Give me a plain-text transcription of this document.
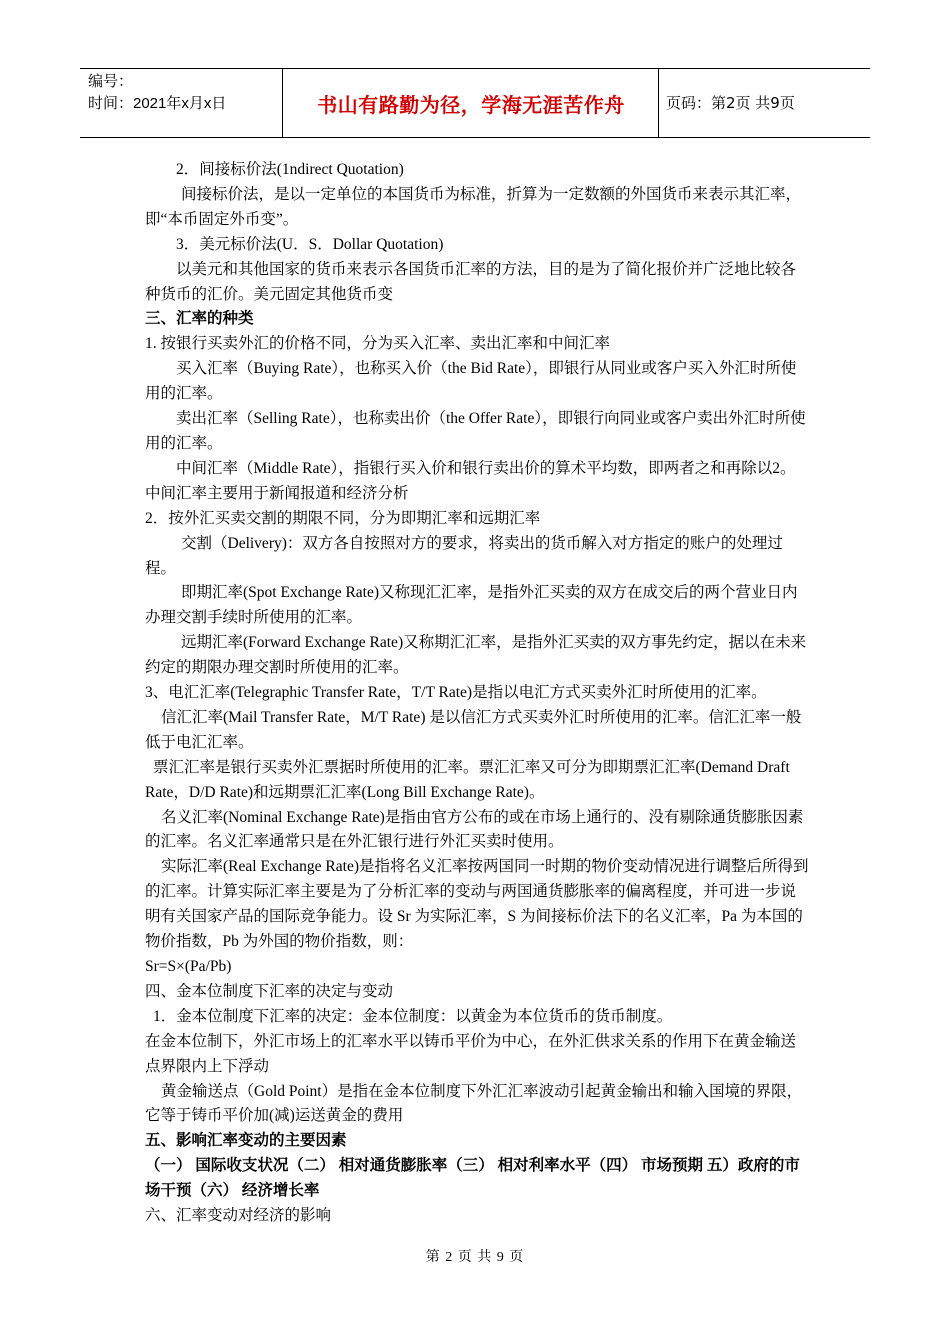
编号：
时间：2021年x月x日	书山有路勤为径，学海无涯苦作舟	页码：第2页 共9页

2．间接标价法(1ndirect Quotation)

间接标价法，是以一定单位的本国货币为标准，折算为一定数额的外国货币来表示其汇率，即“本币固定外币变”。

3．美元标价法(U．S．Dollar Quotation)

以美元和其他国家的货币来表示各国货币汇率的方法，目的是为了简化报价并广泛地比较各种货币的汇价。美元固定其他货币变

三、汇率的种类

1. 按银行买卖外汇的价格不同，分为买入汇率、卖出汇率和中间汇率

买入汇率（Buying Rate），也称买入价（the Bid Rate），即银行从同业或客户买入外汇时所使用的汇率。

卖出汇率（Selling Rate），也称卖出价（the Offer Rate），即银行向同业或客户卖出外汇时所使用的汇率。

中间汇率（Middle Rate），指银行买入价和银行卖出价的算术平均数，即两者之和再除以2。中间汇率主要用于新闻报道和经济分析

2．按外汇买卖交割的期限不同，分为即期汇率和远期汇率

交割（Delivery)：双方各自按照对方的要求，将卖出的货币解入对方指定的账户的处理过程。

即期汇率(Spot Exchange Rate)又称现汇汇率，是指外汇买卖的双方在成交后的两个营业日内办理交割手续时所使用的汇率。

远期汇率(Forward Exchange Rate)又称期汇汇率，是指外汇买卖的双方事先约定，据以在未来约定的期限办理交割时所使用的汇率。

3、电汇汇率(Telegraphic Transfer Rate，T/T Rate)是指以电汇方式买卖外汇时所使用的汇率。

信汇汇率(Mail Transfer Rate，M/T Rate) 是以信汇方式买卖外汇时所使用的汇率。信汇汇率一般低于电汇汇率。

票汇汇率是银行买卖外汇票据时所使用的汇率。票汇汇率又可分为即期票汇汇率(Demand Draft Rate，D/D Rate)和远期票汇汇率(Long Bill Exchange Rate)。

名义汇率(Nominal Exchange Rate)是指由官方公布的或在市场上通行的、没有剔除通货膨胀因素的汇率。名义汇率通常只是在外汇银行进行外汇买卖时使用。

实际汇率(Real Exchange Rate)是指将名义汇率按两国同一时期的物价变动情况进行调整后所得到的汇率。计算实际汇率主要是为了分析汇率的变动与两国通货膨胀率的偏离程度，并可进一步说明有关国家产品的国际竞争能力。设 Sr 为实际汇率，S 为间接标价法下的名义汇率，Pa 为本国的物价指数，Pb 为外国的物价指数，则：

Sr=S×(Pa/Pb)

四、金本位制度下汇率的决定与变动

1．金本位制度下汇率的决定：金本位制度：以黄金为本位货币的货币制度。

在金本位制下，外汇市场上的汇率水平以铸币平价为中心，在外汇供求关系的作用下在黄金输送点界限内上下浮动

黄金输送点（Gold Point）是指在金本位制度下外汇汇率波动引起黄金输出和输入国境的界限，它等于铸币平价加(减)运送黄金的费用

五、影响汇率变动的主要因素

（一） 国际收支状况（二） 相对通货膨胀率（三） 相对利率水平（四） 市场预期 五）政府的市场干预（六） 经济增长率

六、汇率变动对经济的影响

第 2 页 共 9 页
